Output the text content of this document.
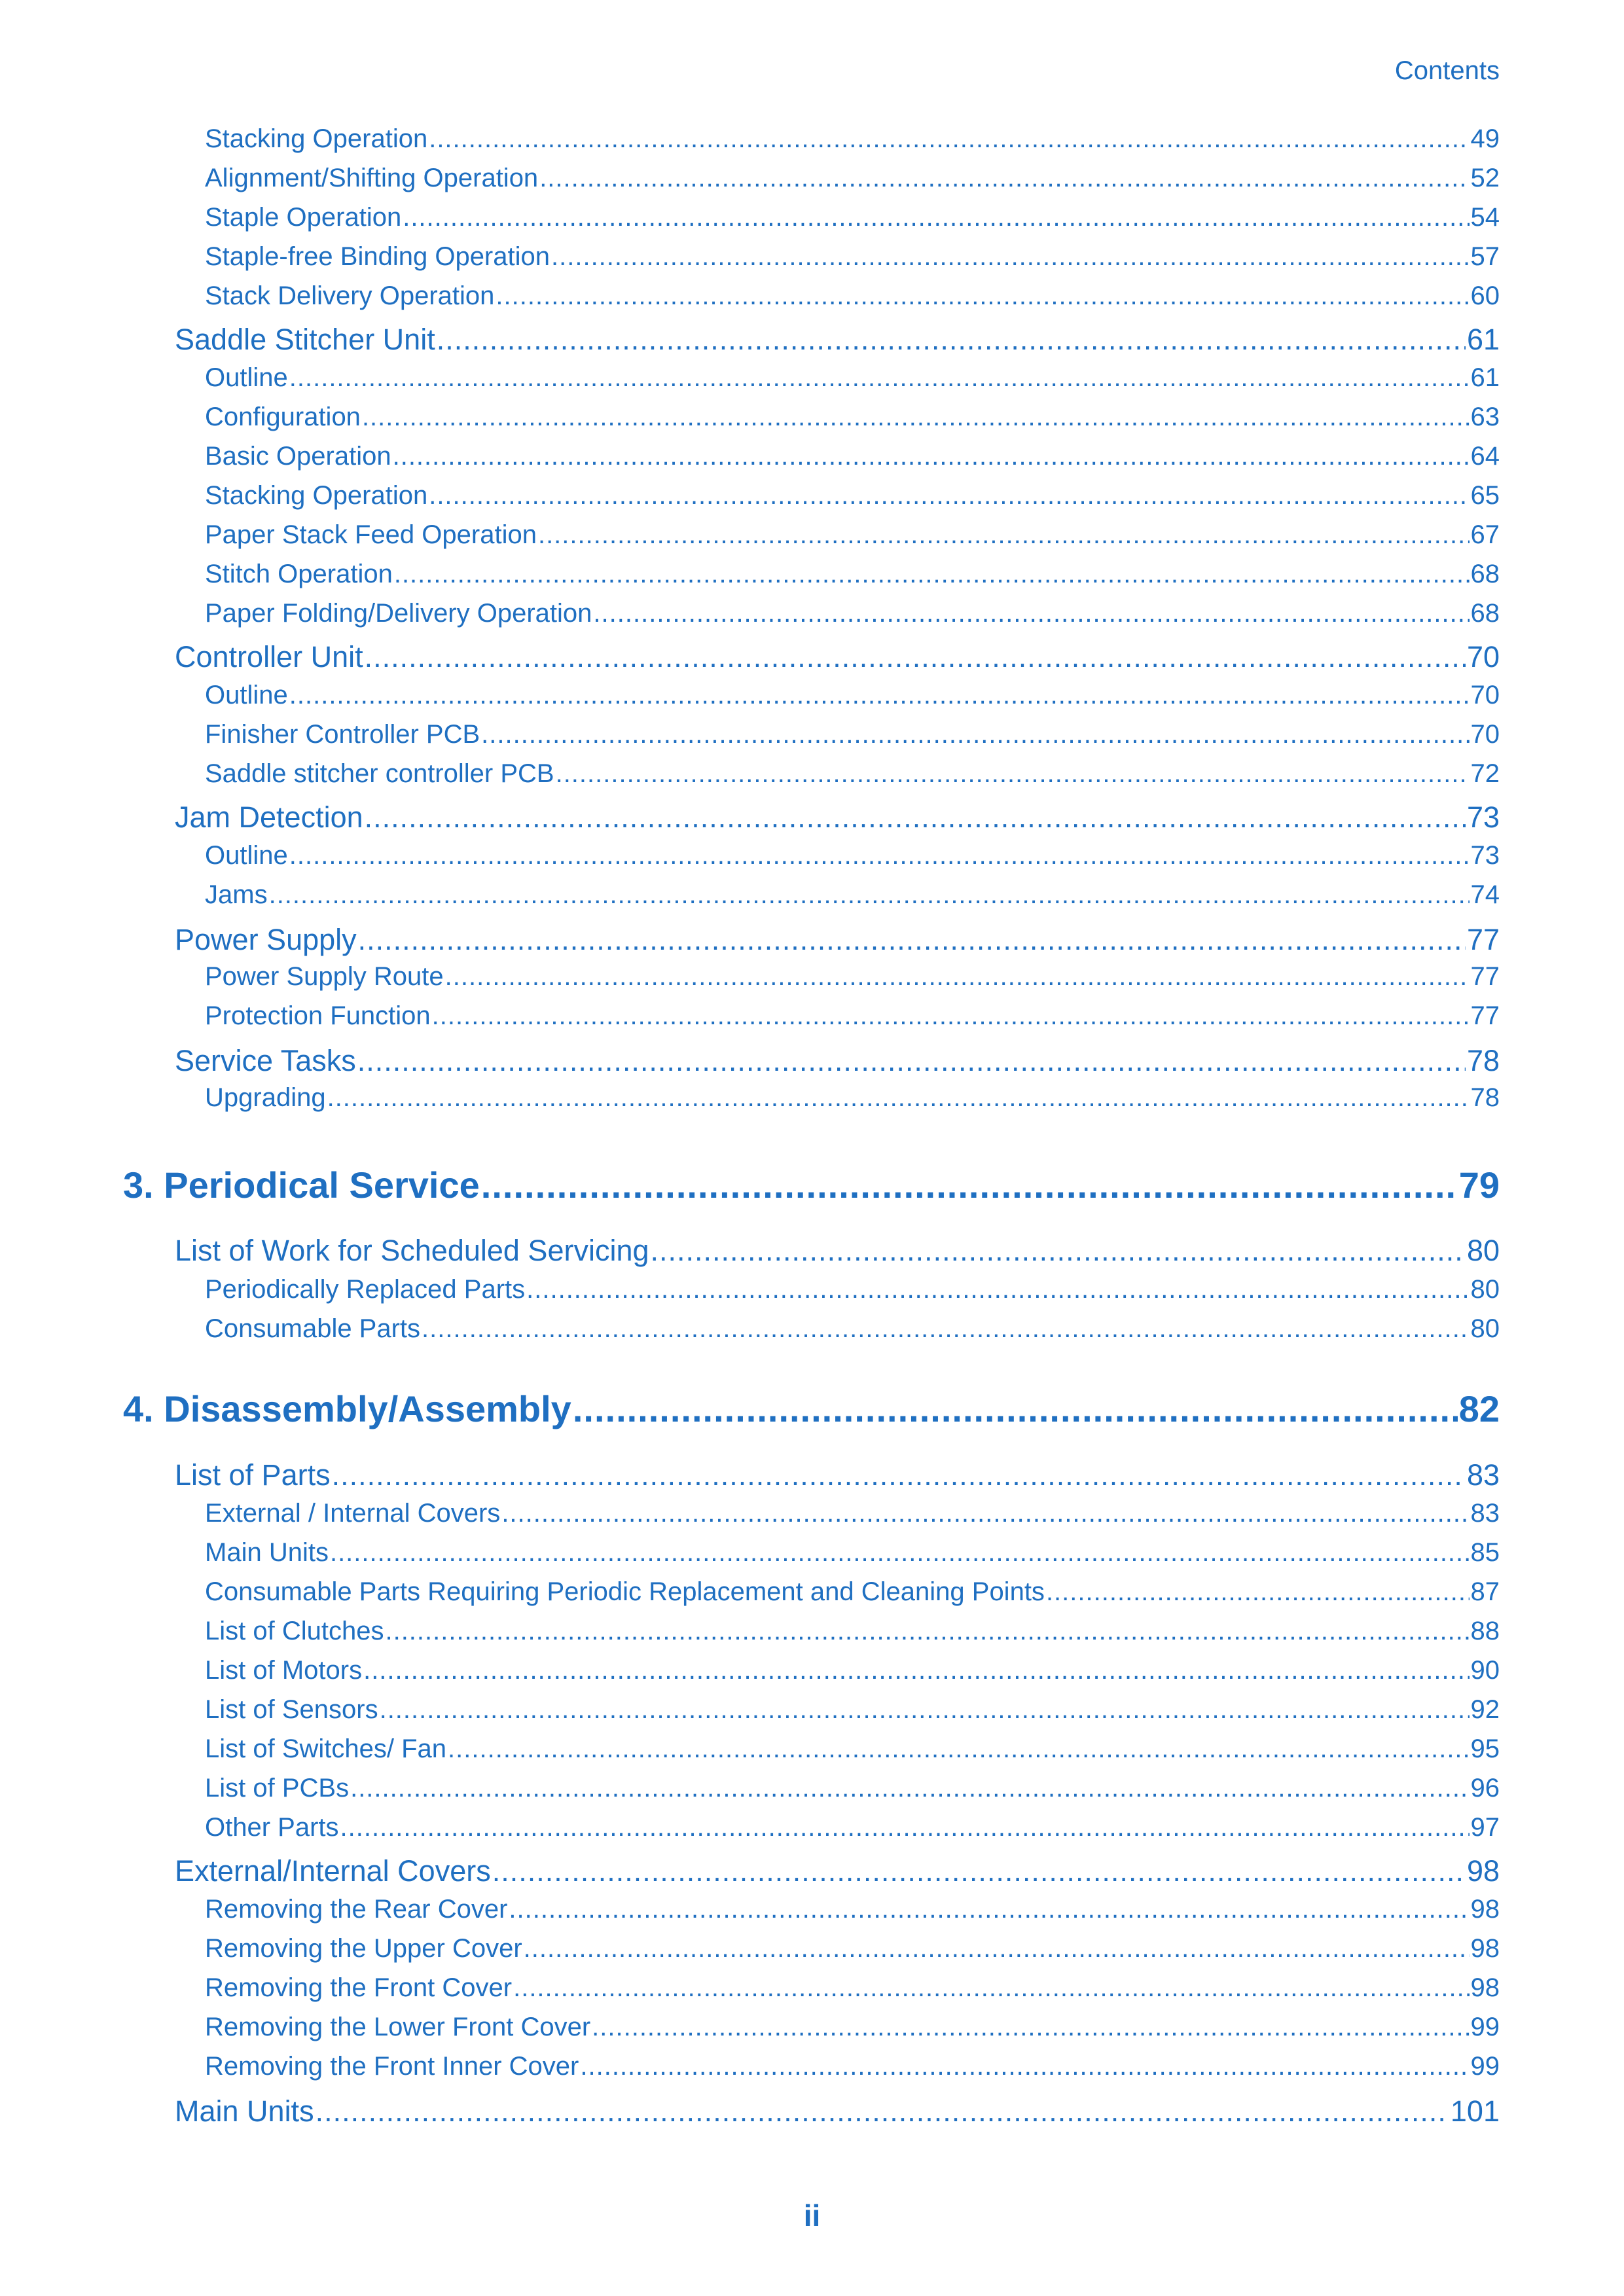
Contents
Stacking Operation .....	49
Alignment/Shifting Operation .....	52
Staple Operation .....	54
Staple-free Binding Operation .....	57
Stack Delivery Operation .....	60
Saddle Stitcher Unit .....	61
Outline .....	61
Configuration .....	63
Basic Operation .....	64
Stacking Operation .....	65
Paper Stack Feed Operation .....	67
Stitch Operation .....	68
Paper Folding/Delivery Operation .....	68
Controller Unit .....	70
Outline .....	70
Finisher Controller PCB .....	70
Saddle stitcher controller PCB .....	72
Jam Detection .....	73
Outline .....	73
Jams .....	74
Power Supply .....	77
Power Supply Route .....	77
Protection Function .....	77
Service Tasks .....	78
Upgrading .....	78
3. Periodical Service .....	79
List of Work for Scheduled Servicing .....	80
Periodically Replaced Parts .....	80
Consumable Parts .....	80
4. Disassembly/Assembly .....	82
List of Parts .....	83
External / Internal Covers .....	83
Main Units .....	85
Consumable Parts Requiring Periodic Replacement and Cleaning Points .....	87
List of Clutches .....	88
List of Motors .....	90
List of Sensors .....	92
List of Switches/ Fan .....	95
List of PCBs .....	96
Other Parts .....	97
External/Internal Covers .....	98
Removing the Rear Cover .....	98
Removing the Upper Cover .....	98
Removing the Front Cover .....	98
Removing the Lower Front Cover .....	99
Removing the Front Inner Cover .....	99
Main Units .....	101
ii
